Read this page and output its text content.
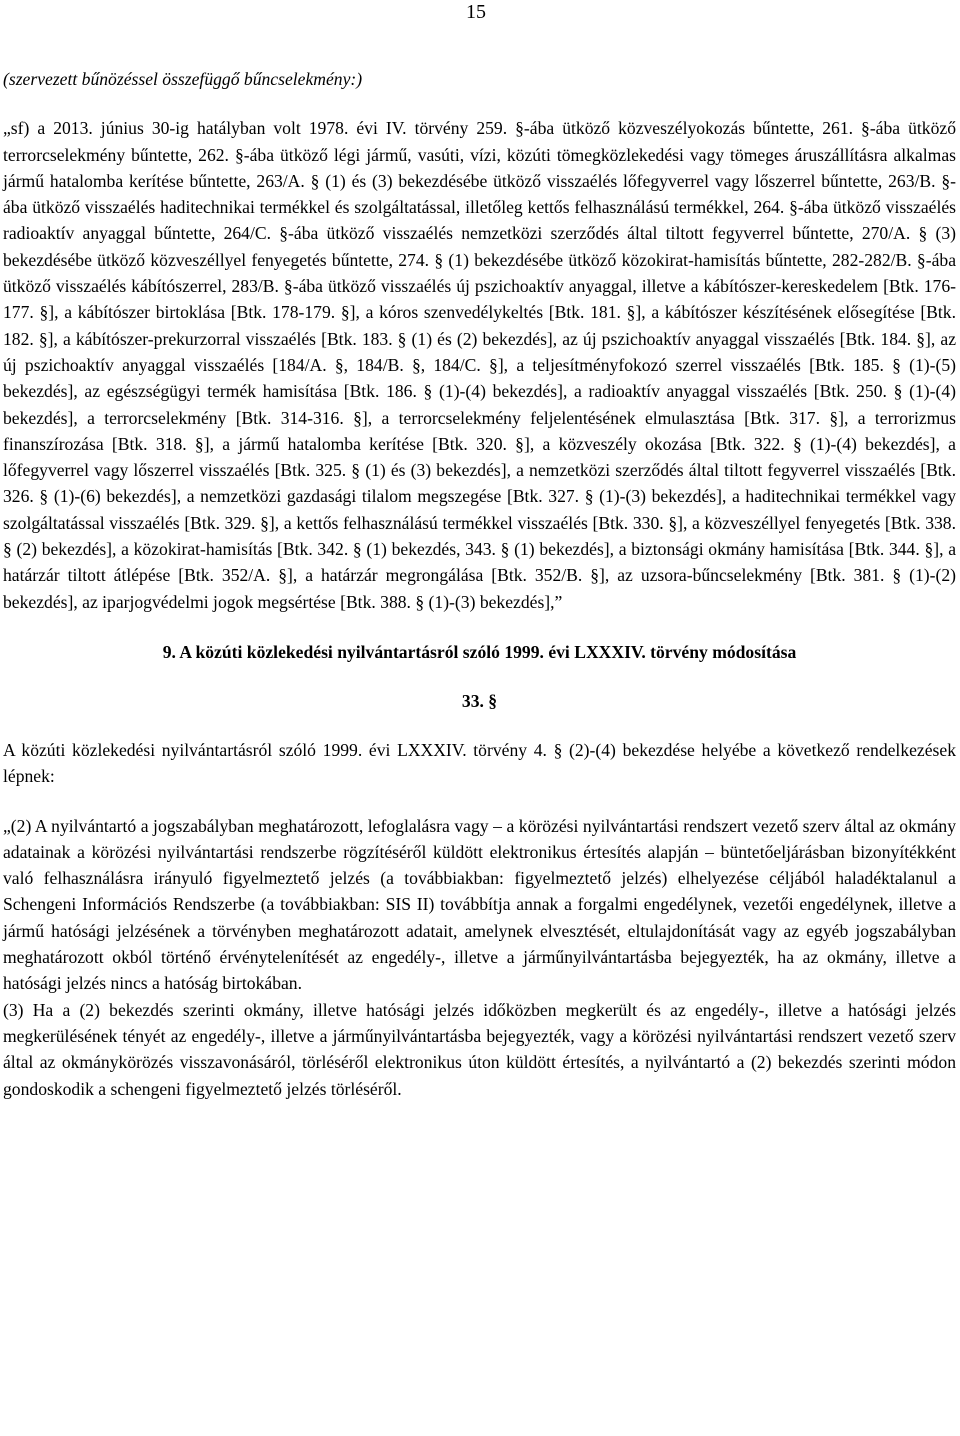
15

(szervezett bűnözéssel összefüggő bűncselekmény:)

„sf) a 2013. június 30-ig hatályban volt 1978. évi IV. törvény 259. §-ába ütköző közveszélyokozás bűntette, 261. §-ába ütköző terrorcselekmény bűntette, 262. §-ába ütköző légi jármű, vasúti, vízi, közúti tömegközlekedési vagy tömeges áruszállításra alkalmas jármű hatalomba kerítése bűntette, 263/A. § (1) és (3) bekezdésébe ütköző visszaélés lőfegyverrel vagy lőszerrel bűntette, 263/B. §-ába ütköző visszaélés haditechnikai termékkel és szolgáltatással, illetőleg kettős felhasználású termékkel, 264. §-ába ütköző visszaélés radioaktív anyaggal bűntette, 264/C. §-ába ütköző visszaélés nemzetközi szerződés által tiltott fegyverrel bűntette, 270/A. § (3) bekezdésébe ütköző közveszéllyel fenyegetés bűntette, 274. § (1) bekezdésébe ütköző közokirat-hamisítás bűntette, 282-282/B. §-ába ütköző visszaélés kábítószerrel, 283/B. §-ába ütköző visszaélés új pszichoaktív anyaggal, illetve a kábítószer-kereskedelem [Btk. 176-177. §], a kábítószer birtoklása [Btk. 178-179. §], a kóros szenvedélykeltés [Btk. 181. §], a kábítószer készítésének elősegítése [Btk. 182. §], a kábítószer-prekurzorral visszaélés [Btk. 183. § (1) és (2) bekezdés], az új pszichoaktív anyaggal visszaélés [Btk. 184. §], az új pszichoaktív anyaggal visszaélés [184/A. §, 184/B. §, 184/C. §], a teljesítményfokozó szerrel visszaélés [Btk. 185. § (1)-(5) bekezdés], az egészségügyi termék hamisítása [Btk. 186. § (1)-(4) bekezdés], a radioaktív anyaggal visszaélés [Btk. 250. § (1)-(4) bekezdés], a terrorcselekmény [Btk. 314-316. §], a terrorcselekmény feljelentésének elmulasztása [Btk. 317. §], a terrorizmus finanszírozása [Btk. 318. §], a jármű hatalomba kerítése [Btk. 320. §], a közveszély okozása [Btk. 322. § (1)-(4) bekezdés], a lőfegyverrel vagy lőszerrel visszaélés [Btk. 325. § (1) és (3) bekezdés], a nemzetközi szerződés által tiltott fegyverrel visszaélés [Btk. 326. § (1)-(6) bekezdés], a nemzetközi gazdasági tilalom megszegése [Btk. 327. § (1)-(3) bekezdés], a haditechnikai termékkel vagy szolgáltatással visszaélés [Btk. 329. §], a kettős felhasználású termékkel visszaélés [Btk. 330. §], a közveszéllyel fenyegetés [Btk. 338. § (2) bekezdés], a közokirat-hamisítás [Btk. 342. § (1) bekezdés, 343. § (1) bekezdés], a biztonsági okmány hamisítása [Btk. 344. §], a határzár tiltott átlépése [Btk. 352/A. §], a határzár megrongálása [Btk. 352/B. §], az uzsora-bűncselekmény [Btk. 381. § (1)-(2) bekezdés], az iparjogvédelmi jogok megsértése [Btk. 388. § (1)-(3) bekezdés],”

9. A közúti közlekedési nyilvántartásról szóló 1999. évi LXXXIV. törvény módosítása

33. §

A közúti közlekedési nyilvántartásról szóló 1999. évi LXXXIV. törvény 4. § (2)-(4) bekezdése helyébe a következő rendelkezések lépnek:

„(2) A nyilvántartó a jogszabályban meghatározott, lefoglalásra vagy – a körözési nyilvántartási rendszert vezető szerv által az okmány adatainak a körözési nyilvántartási rendszerbe rögzítéséről küldött elektronikus értesítés alapján – büntetőeljárásban bizonyítékként való felhasználásra irányuló figyelmeztető jelzés (a továbbiakban: figyelmeztető jelzés) elhelyezése céljából haladéktalanul a Schengeni Információs Rendszerbe (a továbbiakban: SIS II) továbbítja annak a forgalmi engedélynek, vezetői engedélynek, illetve a jármű hatósági jelzésének a törvényben meghatározott adatait, amelynek elvesztését, eltulajdonítását vagy az egyéb jogszabályban meghatározott okból történő érvénytelenítését az engedély-, illetve a járműnyilvántartásba bejegyezték, ha az okmány, illetve a hatósági jelzés nincs a hatóság birtokában.

(3) Ha a (2) bekezdés szerinti okmány, illetve hatósági jelzés időközben megkerült és az engedély-, illetve a hatósági jelzés megkerülésének tényét az engedély-, illetve a járműnyilvántartásba bejegyezték, vagy a körözési nyilvántartási rendszert vezető szerv által az okmánykörözés visszavonásáról, törléséről elektronikus úton küldött értesítés, a nyilvántartó a (2) bekezdés szerinti módon gondoskodik a schengeni figyelmeztető jelzés törléséről.
